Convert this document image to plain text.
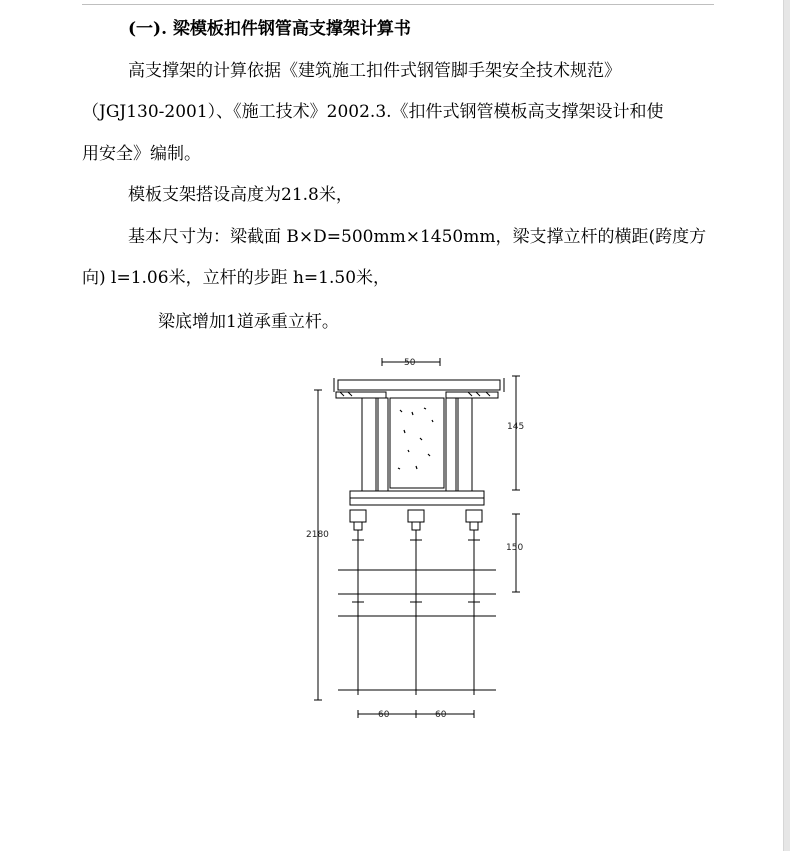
(一). 梁模板扣件钢管高支撑架计算书
高支撑架的计算依据《建筑施工扣件式钢管脚手架安全技术规范》
（JGJ130-2001）、《施工技术》2002.3.《扣件式钢管模板高支撑架设计和使
用安全》编制。
模板支架搭设高度为21.8米，
基本尺寸为：梁截面 B×D=500mm×1450mm，梁支撑立杆的横距(跨度方
向) l=1.06米，立杆的步距 h=1.50米，
梁底增加1道承重立杆。
50
145
2180
150
60	60
